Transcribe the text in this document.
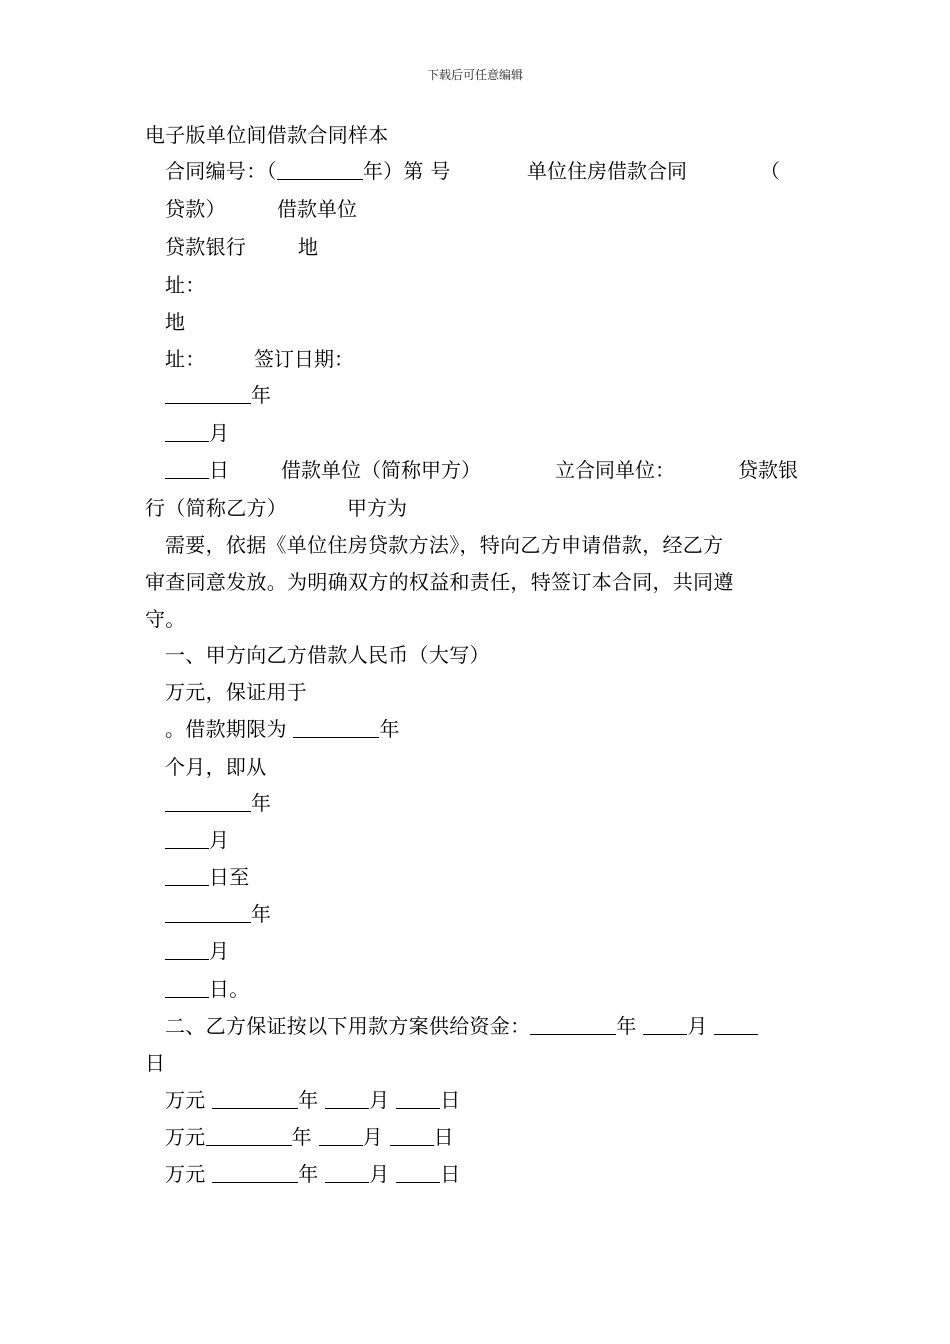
下载后可任意编辑
电子版单位间借款合同样本
合同编号：（	年）第 号	单位住房借款合同	（
贷款）	借款单位
贷款银行	地
址：
地
址： 签订日期：
年
月
日	借款单位（简称甲方）	立合同单位：	贷款银
行（简称乙方）	甲方为
需要，依据《单位住房贷款方法》，特向乙方申请借款，经乙方
审查同意发放。为明确双方的权益和责任，特签订本合同，共同遵
守。
一、甲方向乙方借款人民币（大写）
万元，保证用于
。借款期限为	年
个月，即从
年
月
日至
年
月
日。
二、乙方保证按以下用款方案供给资金：	年	月
日
万元	年	月	日
万元	年	月	日
万元	年	月	日
